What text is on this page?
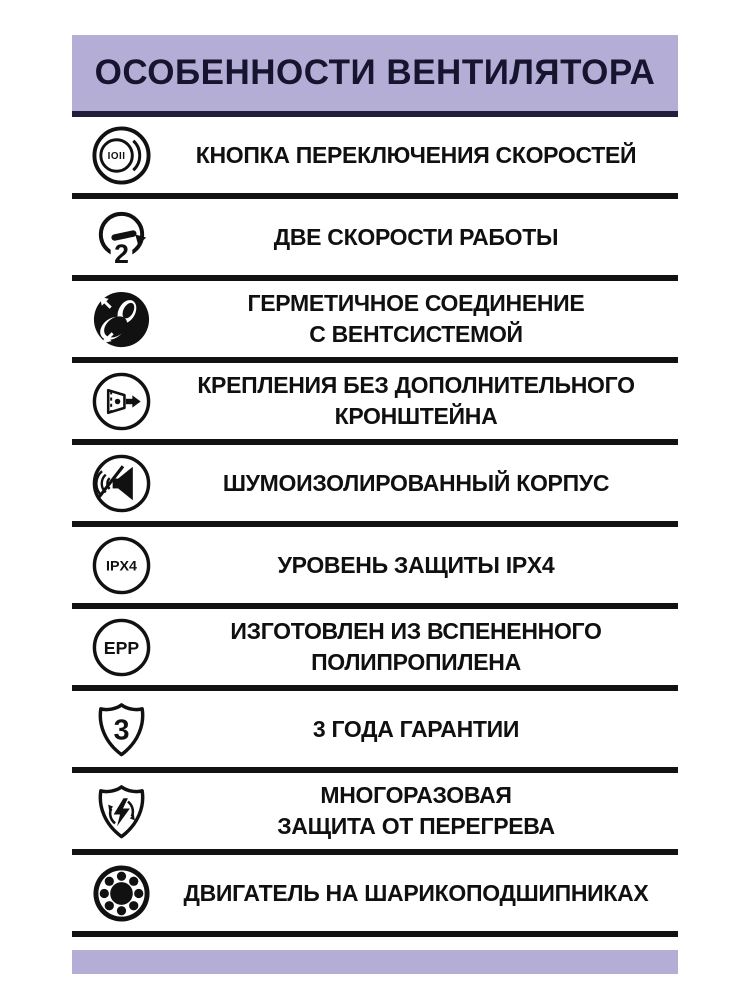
ОСОБЕННОСТИ ВЕНТИЛЯТОРА
IOII	КНОПКА ПЕРЕКЛЮЧЕНИЯ СКОРОСТЕЙ
2
ДВЕ СКОРОСТИ РАБОТЫ
ГЕРМЕТИЧНОЕ СОЕДИНЕНИЕ
С ВЕНТСИСТЕМОЙ
КРЕПЛЕНИЯ БЕЗ ДОПОЛНИТЕЛЬНОГО
КРОНШТЕЙНА
ШУМОИЗОЛИРОВАННЫЙ КОРПУС
IPX4	УРОВЕНЬ ЗАЩИТЫ IPX4
EPP
ИЗГОТОВЛЕН ИЗ ВСПЕНЕННОГО
ПОЛИПРОПИЛЕНА
3	3 ГОДА ГАРАНТИИ
МНОГОРАЗОВАЯ
ЗАЩИТА ОТ ПЕРЕГРЕВА
ДВИГАТЕЛЬ НА ШАРИКОПОДШИПНИКАХ
